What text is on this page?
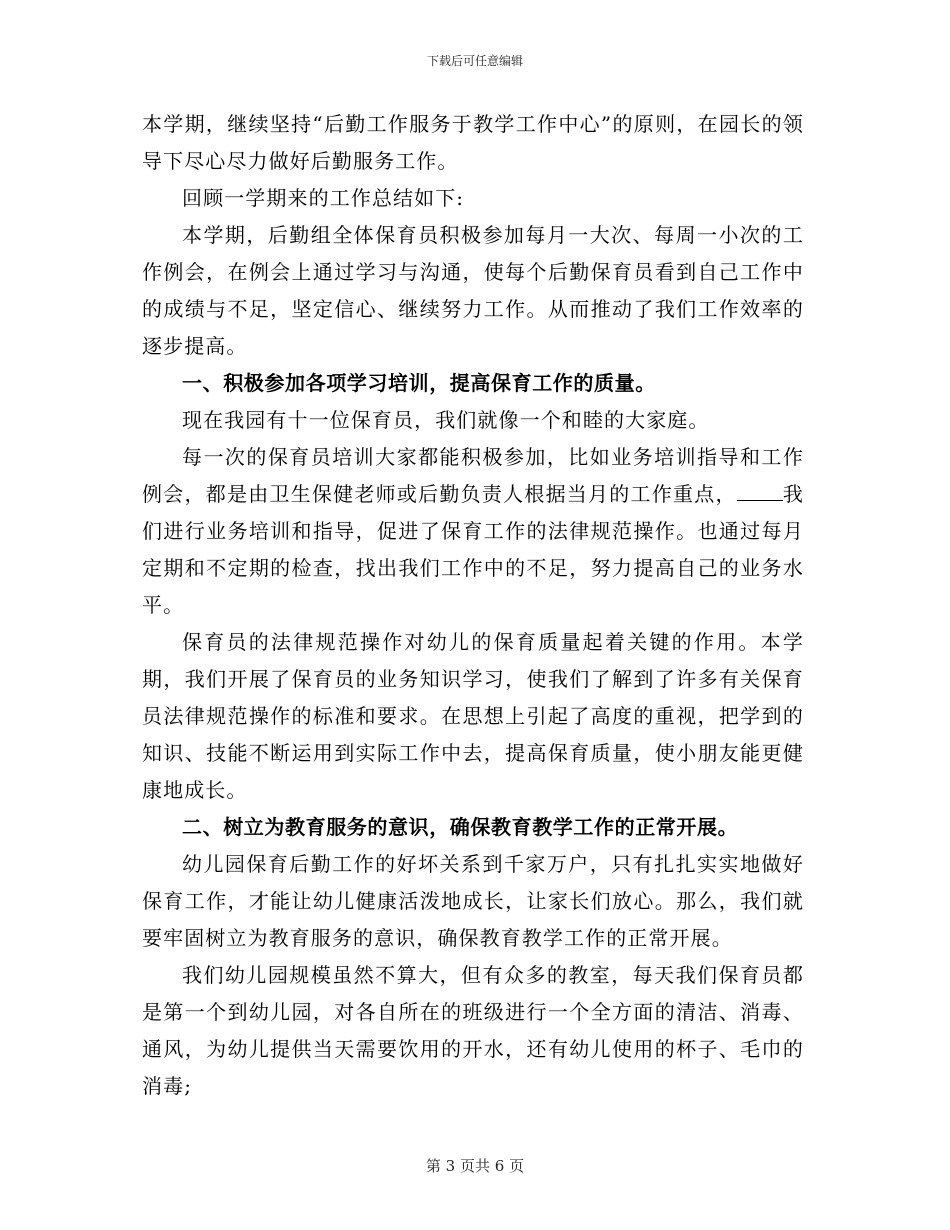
下载后可任意编辑

本学期，继续坚持“后勤工作服务于教学工作中心”的原则，在园长的领导下尽心尽力做好后勤服务工作。

回顾一学期来的工作总结如下:

本学期，后勤组全体保育员积极参加每月一大次、每周一小次的工作例会，在例会上通过学习与沟通，使每个后勤保育员看到自己工作中的成绩与不足，坚定信心、继续努力工作。从而推动了我们工作效率的逐步提高。

一、积极参加各项学习培训，提高保育工作的质量。

现在我园有十一位保育员，我们就像一个和睦的大家庭。

每一次的保育员培训大家都能积极参加，比如业务培训指导和工作例会，都是由卫生保健老师或后勤负责人根据当月的工作重点， 我们进行业务培训和指导，促进了保育工作的法律规范操作。也通过每月定期和不定期的检查，找出我们工作中的不足，努力提高自己的业务水平。

保育员的法律规范操作对幼儿的保育质量起着关键的作用。本学期，我们开展了保育员的业务知识学习，使我们了解到了许多有关保育员法律规范操作的标准和要求。在思想上引起了高度的重视，把学到的知识、技能不断运用到实际工作中去，提高保育质量，使小朋友能更健康地成长。

二、树立为教育服务的意识，确保教育教学工作的正常开展。

幼儿园保育后勤工作的好坏关系到千家万户，只有扎扎实实地做好保育工作，才能让幼儿健康活泼地成长，让家长们放心。那么，我们就要牢固树立为教育服务的意识，确保教育教学工作的正常开展。

我们幼儿园规模虽然不算大，但有众多的教室，每天我们保育员都是第一个到幼儿园，对各自所在的班级进行一个全方面的清洁、消毒、通风，为幼儿提供当天需要饮用的开水，还有幼儿使用的杯子、毛巾的消毒;

第 3 页共 6 页
